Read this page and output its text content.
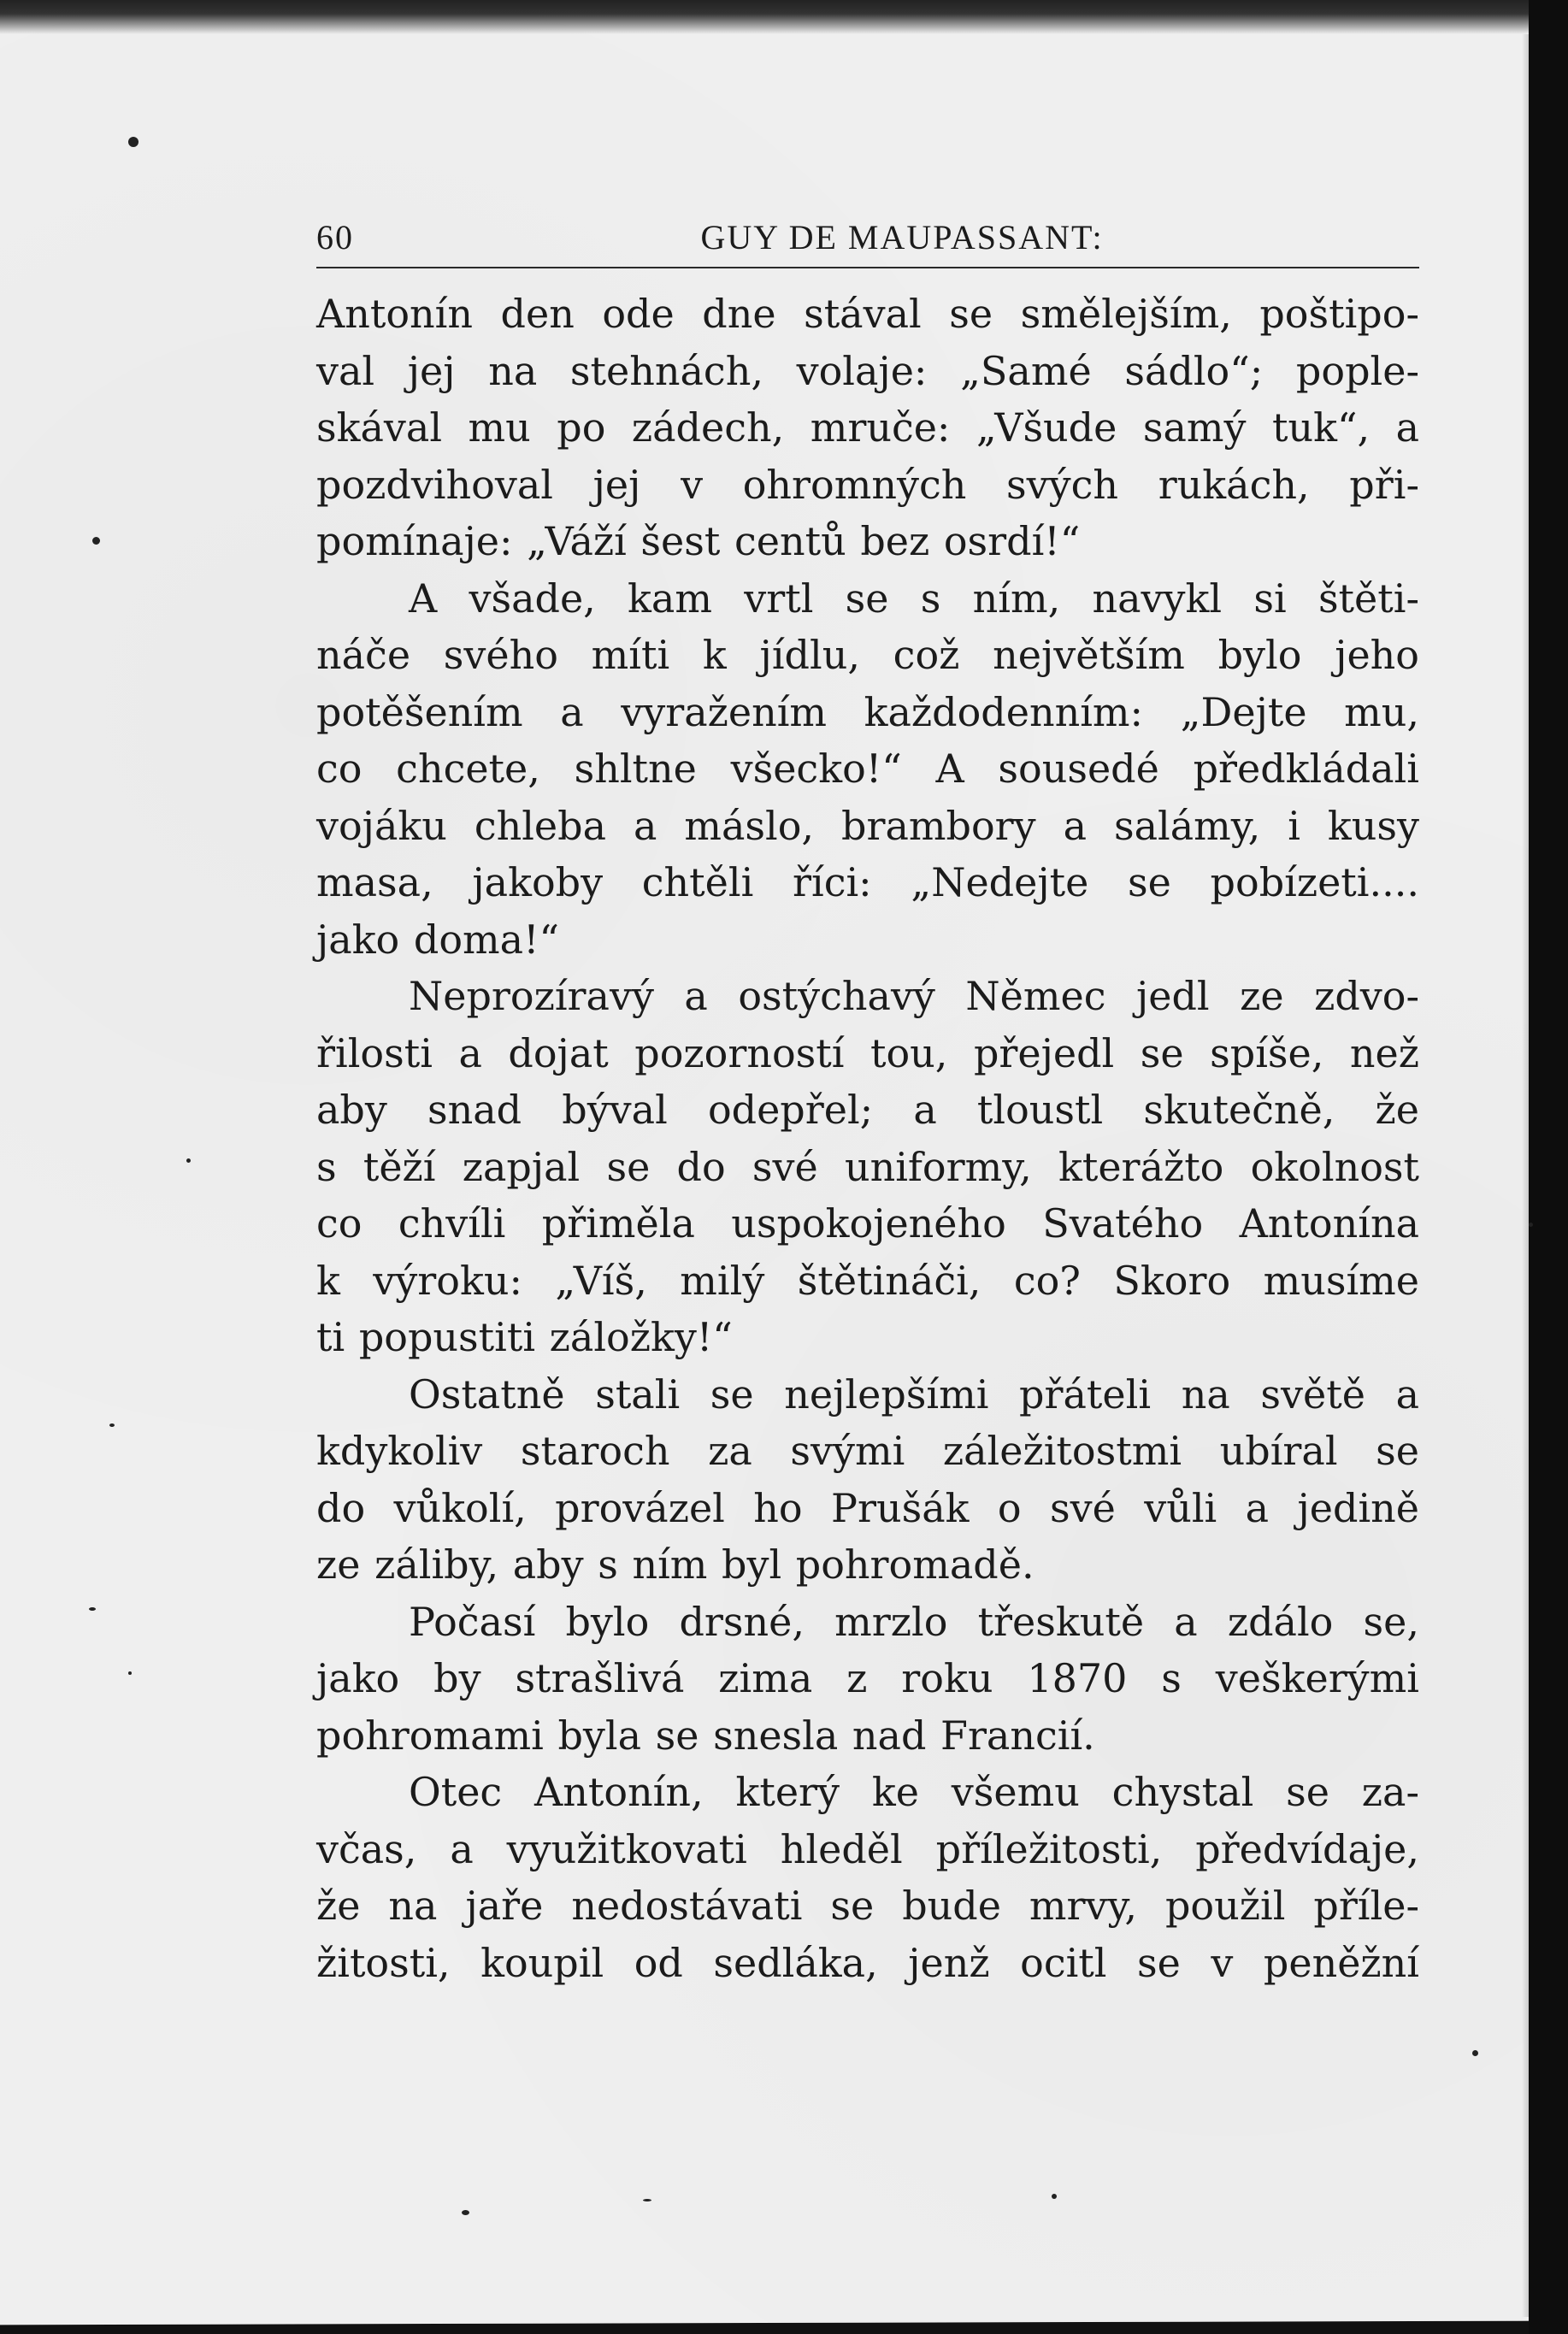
60	GUY DE MAUPASSANT:
Antonín den ode dne stával se smělejším, poštipo-
val jej na stehnách, volaje: „Samé sádlo“; pople-
skával mu po zádech, mruče: „Všude samý tuk“, a
pozdvihoval jej v ohromných svých rukách, při-
pomínaje: „Váží šest centů bez osrdí!“
A všade, kam vrtl se s ním, navykl si štěti-
náče svého míti k jídlu, což největším bylo jeho
potěšením a vyražením každodenním: „Dejte mu,
co chcete, shltne všecko!“ A sousedé předkládali
vojáku chleba a máslo, brambory a salámy, i kusy
masa, jakoby chtěli říci: „Nedejte se pobízeti....
jako doma!“
Neprozíravý a ostýchavý Němec jedl ze zdvo-
řilosti a dojat pozorností tou, přejedl se spíše, než
aby snad býval odepřel; a tloustl skutečně, že
s těží zapjal se do své uniformy, kterážto okolnost
co chvíli přiměla uspokojeného Svatého Antonína
k výroku: „Víš, milý štětináči, co? Skoro musíme
ti popustiti záložky!“
Ostatně stali se nejlepšími přáteli na světě a
kdykoliv staroch za svými záležitostmi ubíral se
do vůkolí, provázel ho Prušák o své vůli a jedině
ze záliby, aby s ním byl pohromadě.
Počasí bylo drsné, mrzlo třeskutě a zdálo se,
jako by strašlivá zima z roku 1870 s veškerými
pohromami byla se snesla nad Francií.
Otec Antonín, který ke všemu chystal se za-
včas, a využitkovati hleděl příležitosti, předvídaje,
že na jaře nedostávati se bude mrvy, použil příle-
žitosti, koupil od sedláka, jenž ocitl se v peněžní
